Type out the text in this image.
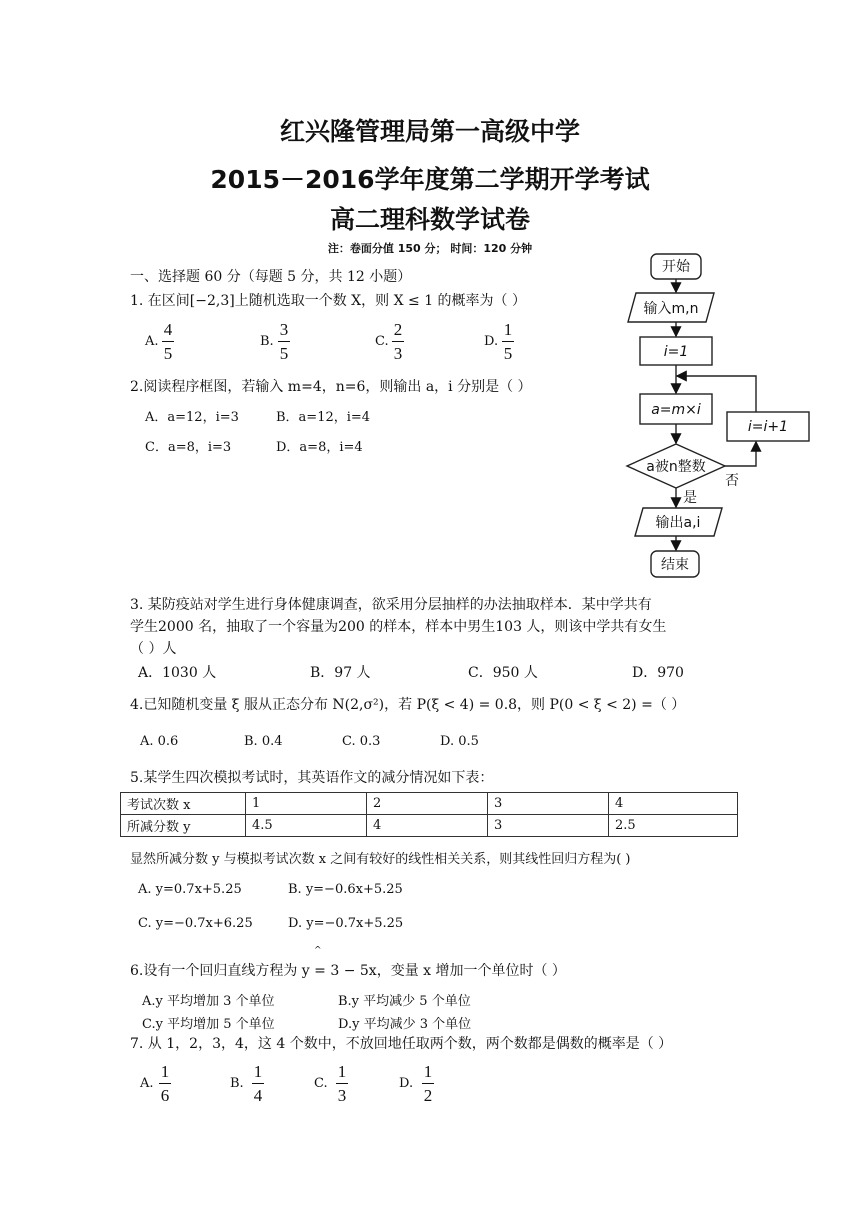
红兴隆管理局第一高级中学
2015－2016学年度第二学期开学考试
高二理科数学试卷
注：卷面分值 150 分； 时间：120 分钟
一、选择题 60 分（每题 5 分，共 12 小题）
1. 在区间[−2,3]上随机选取一个数 X，则 X ≤ 1 的概率为（ ）
A.
4
5
B.
3
5
C.
2
3
D.
1
5
2.阅读程序框图，若输入 m=4，n=6，则输出 a，i 分别是（ ）
A．a=12，i=3	B．a=12，i=4
C．a=8，i=3	D．a=8，i=4
开始
输入m,n
i=1
a=m×i
a被n整数
i=i+1
否
是
输出a,i
结束
3. 某防疫站对学生进行身体健康调查，欲采用分层抽样的办法抽取样本．某中学共有
学生2000 名，抽取了一个容量为200 的样本，样本中男生103 人，则该中学共有女生
（ ）人
A．1030 人	B．97 人	C．950 人	D．970
4.已知随机变量 ξ 服从正态分布 N(2,σ²)，若 P(ξ < 4) = 0.8，则 P(0 < ξ < 2) =（ ）
A. 0.6	B. 0.4	C. 0.3	D. 0.5
5.某学生四次模拟考试时，其英语作文的减分情况如下表：
考试次数 x	1	2	3	4
所减分数 y	4.5	4	3	2.5
显然所减分数 y 与模拟考试次数 x 之间有较好的线性相关关系，则其线性回归方程为( )
A. y=0.7x+5.25	B. y=−0.6x+5.25
C. y=−0.7x+6.25	D. y=−0.7x+5.25
^
6.设有一个回归直线方程为 y = 3 − 5x，变量 x 增加一个单位时（ ）
A.y 平均增加 3 个单位	B.y 平均减少 5 个单位
C.y 平均增加 5 个单位	D.y 平均减少 3 个单位
7. 从 1，2，3，4，这 4 个数中，不放回地任取两个数，两个数都是偶数的概率是（ ）
A.
1
6
B.
1
4
C.
1
3
D.
1
2
